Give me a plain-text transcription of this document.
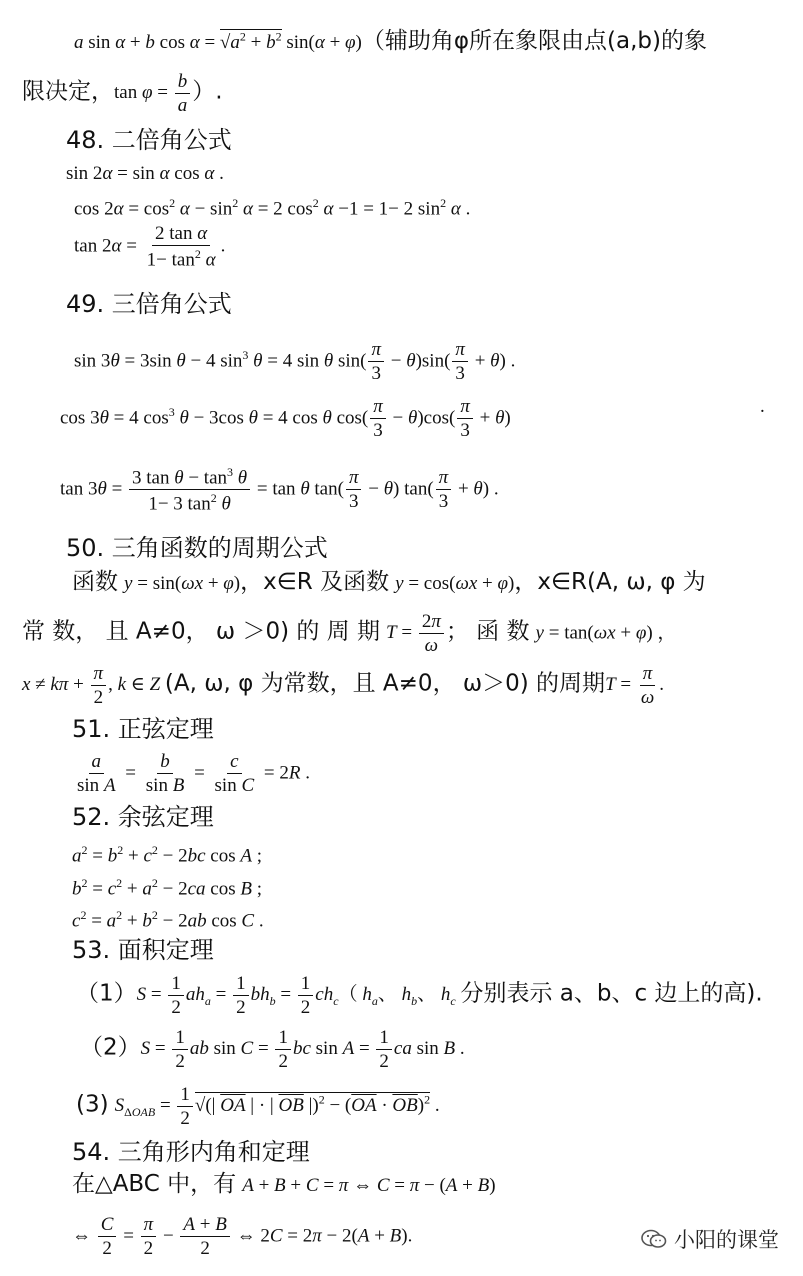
a sin α + b $\cos \alpha = √a^2 + b^2$ sin(α + φ)（辅助角φ所在象限由点(a,b)的象
限决定，$\tan \varphi = \frac{b}{a}$ ）.
48. 二倍角公式
sin 2α = sin α cos α .
$\cos 2\alpha = \cos^2 \alpha - \sin^2 \alpha = 2$ $\cos^2 \alpha -1 = 1- 2$ $\sin^2 \alpha$ .
$\tan 2\alpha = \frac{\text{2 tan α}}{1- \tan^2 \alpha}$ .
49. 三倍角公式
sin 3θ = 3sin θ − 4 $\sin^3 \theta = 4$ sin θ $\sin( \frac{\pi}{3} - \theta)\sin( \frac{\pi}{3} + \theta)$ .
cos 3θ = 4 $\cos^3 \theta - 3\cos$ θ = 4 cos θ $\cos( \frac{\pi}{3} - \theta)\cos( \frac{\pi}{3} + \theta)$
.
$\tan 3\theta = \frac{3 \tan \theta - \tan^3 \theta}{1- 3 \tan^2 \theta} = \tan \theta$ $\tan( \frac{\pi}{3} - \theta)$ $\tan( \frac{\pi}{3} + \theta)$ .
50. 三角函数的周期公式
函数 y = sin(ωx + φ)，x∈R 及函数 y = cos(ωx + φ)，x∈R(A, ω, φ 为
常 数， 且 A≠0， ω ＞0) 的 周 期 $T = \frac{2\pi}{\omega}$ ； 函 数 y = tan(ωx + φ) ，
$x \ne k\pi + \frac{\pi}{2}$ , k ∈ Z (A, ω, φ 为常数，且 A≠0， ω＞0) 的周期$T = \frac{\pi}{\omega}$ .
51. 正弦定理
$\frac{a}{\text{sin A}} = \frac{b}{\text{sin B}} = \frac{c}{\text{sin C}} = 2R$ .
52. 余弦定理
$a^2 = b^2 + c^2 - 2bc$ cos A ;
$b^2 = c^2 + a^2 - 2ca$ cos B ;
$c^2 = a^2 + b^2 - 2ab$ cos C .
53. 面积定理
$(1)S = \frac{1}{2} ah_a = \frac{1}{2} bh_b = \frac{1}{2} ch_c$（ $h_a$、 $h_b$、 $h_c$ 分别表示 a、b、c 边上的高).
$(2)S = \frac{1}{2}$ ab $\sin C = \frac{1}{2}$ bc $\sin A = \frac{1}{2}$ ca sin B .
(3) $S_{\Delta OAB} = \frac{1}{2}$ √(| $\overline{OA}$ | · | $\overline{OB}$ $|)^2 - (\overline{OA} \cdot \overline{OB})^2$ .
54. 三角形内角和定理
在△ABC 中，有 A + B + C = π ⇔ C = π − (A + B)
⇔ $\frac{C}{2} = \frac{\pi}{2} - \frac{A + B}{2}$ ⇔ 2C = 2π − 2(A + B).	小阳的课堂
